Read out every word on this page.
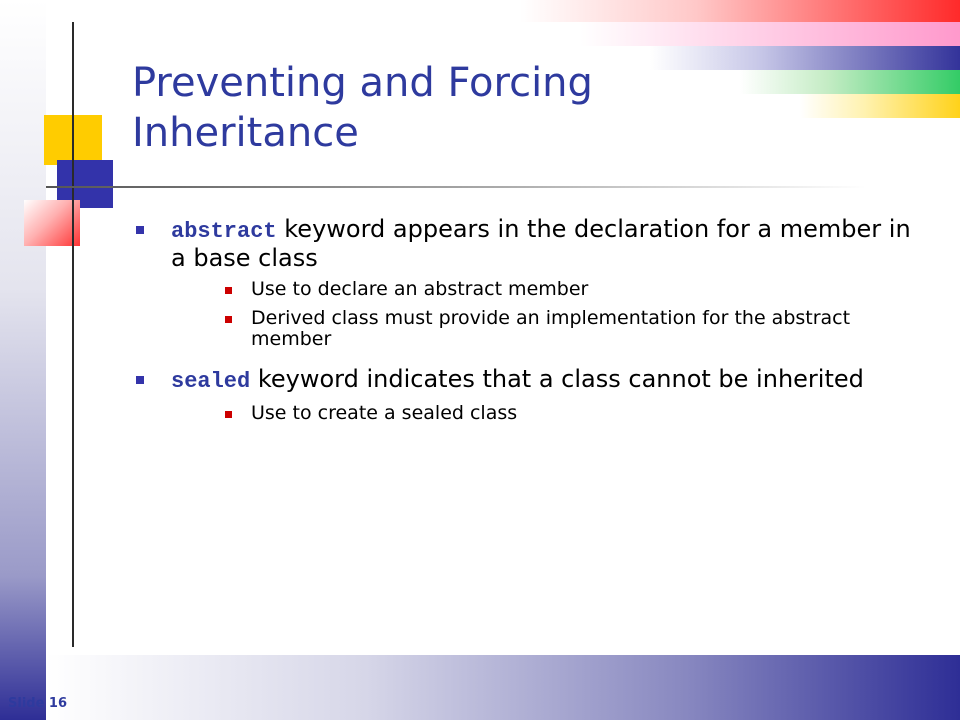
Preventing and Forcing Inheritance
abstract keyword appears in the declaration for a member in a base class
Use to declare an abstract member
Derived class must provide an implementation for the abstract member
sealed keyword indicates that a class cannot be inherited
Use to create a sealed class
Slide 16
